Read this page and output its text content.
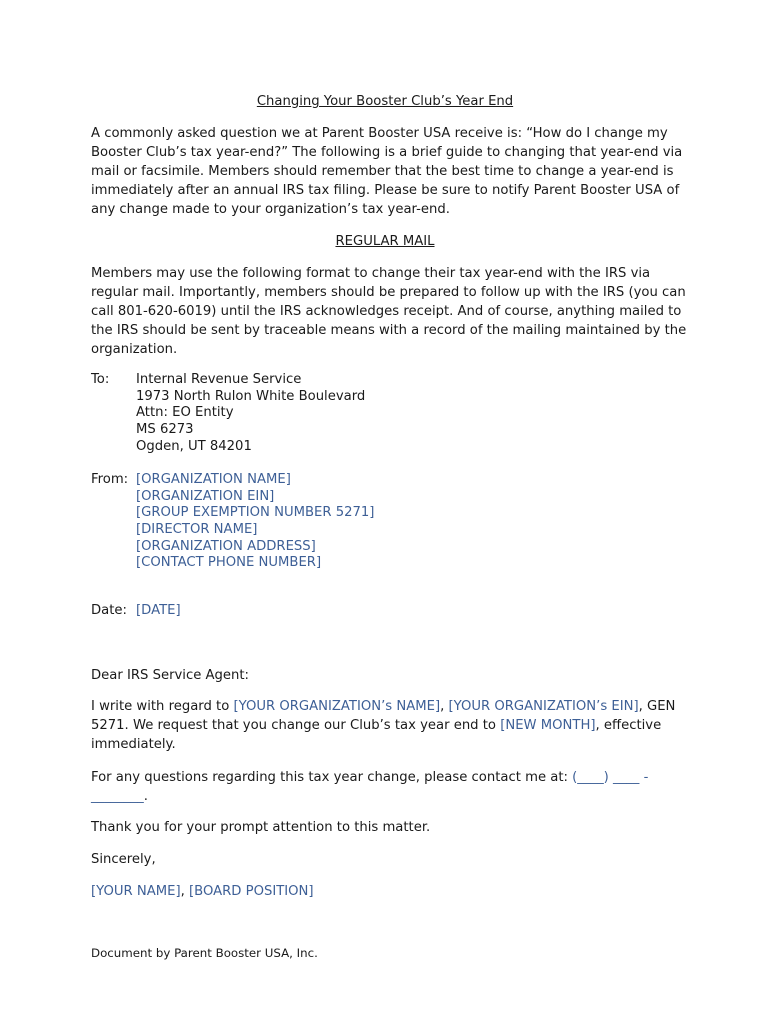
Changing Your Booster Club’s Year End

A commonly asked question we at Parent Booster USA receive is: “How do I change my Booster Club’s tax year-end?” The following is a brief guide to changing that year-end via mail or facsimile. Members should remember that the best time to change a year-end is immediately after an annual IRS tax filing. Please be sure to notify Parent Booster USA of any change made to your organization’s tax year-end.

REGULAR MAIL

Members may use the following format to change their tax year-end with the IRS via regular mail. Importantly, members should be prepared to follow up with the IRS (you can call 801-620-6019) until the IRS acknowledges receipt. And of course, anything mailed to the IRS should be sent by traceable means with a record of the mailing maintained by the organization.

To: Internal Revenue Service
1973 North Rulon White Boulevard
Attn: EO Entity
MS 6273
Ogden, UT 84201
From: [ORGANIZATION NAME]
[ORGANIZATION EIN]
[GROUP EXEMPTION NUMBER 5271]
[DIRECTOR NAME]
[ORGANIZATION ADDRESS]
[CONTACT PHONE NUMBER]
Date: [DATE]

Dear IRS Service Agent:

I write with regard to [YOUR ORGANIZATION’s NAME], [YOUR ORGANIZATION’s EIN], GEN 5271. We request that you change our Club’s tax year end to [NEW MONTH], effective immediately.

For any questions regarding this tax year change, please contact me at: (____) ____ - ________.

Thank you for your prompt attention to this matter.

Sincerely,

[YOUR NAME], [BOARD POSITION]

Document by Parent Booster USA, Inc.
